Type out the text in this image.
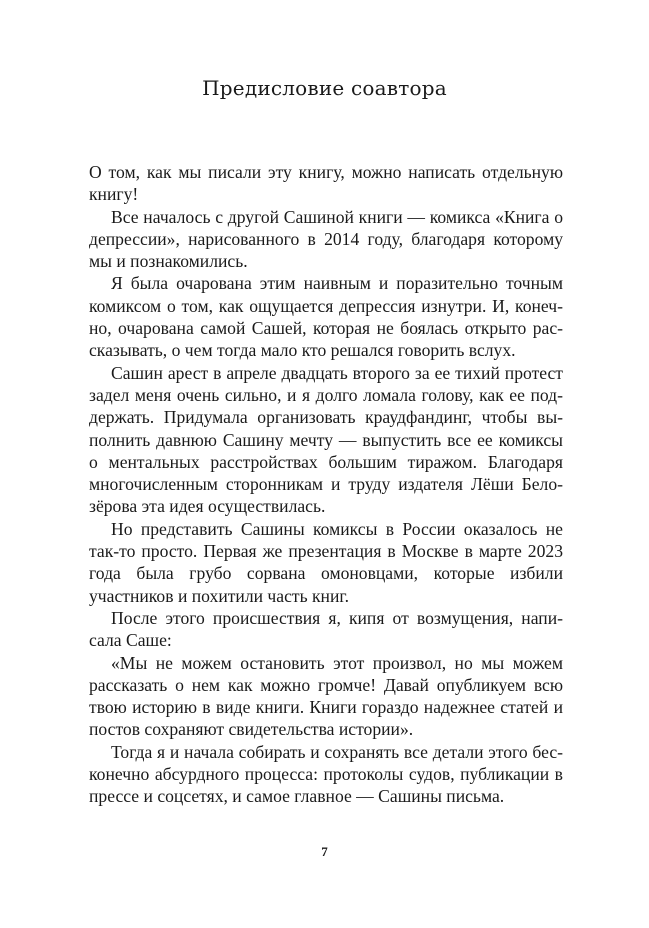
Предисловие соавтора

О том, как мы писали эту книгу, можно написать отдельную книгу!

Все началось с другой Сашиной книги — комикса «Книга о депрессии», нарисованного в 2014 году, благодаря которому мы и познакомились.

Я была очарована этим наивным и поразительно точным комиксом о том, как ощущается депрессия изнутри. И, конечно, очарована самой Сашей, которая не боялась открыто рассказывать, о чем тогда мало кто решался говорить вслух.

Сашин арест в апреле двадцать второго за ее тихий протест задел меня очень сильно, и я долго ломала голову, как ее поддержать. Придумала организовать краудфандинг, чтобы выполнить давнюю Сашину мечту — выпустить все ее комиксы о ментальных расстройствах большим тиражом. Благодаря многочисленным сторонникам и труду издателя Лёши Белозёрова эта идея осуществилась.

Но представить Сашины комиксы в России оказалось не так-то просто. Первая же презентация в Москве в марте 2023 года была грубо сорвана омоновцами, которые избили участников и похитили часть книг.

После этого происшествия я, кипя от возмущения, написала Саше:

«Мы не можем остановить этот произвол, но мы можем рассказать о нем как можно громче! Давай опубликуем всю твою историю в виде книги. Книги гораздо надежнее статей и постов сохраняют свидетельства истории».

Тогда я и начала собирать и сохранять все детали этого бесконечно абсурдного процесса: протоколы судов, публикации в прессе и соцсетях, и самое главное — Сашины письма.

7
